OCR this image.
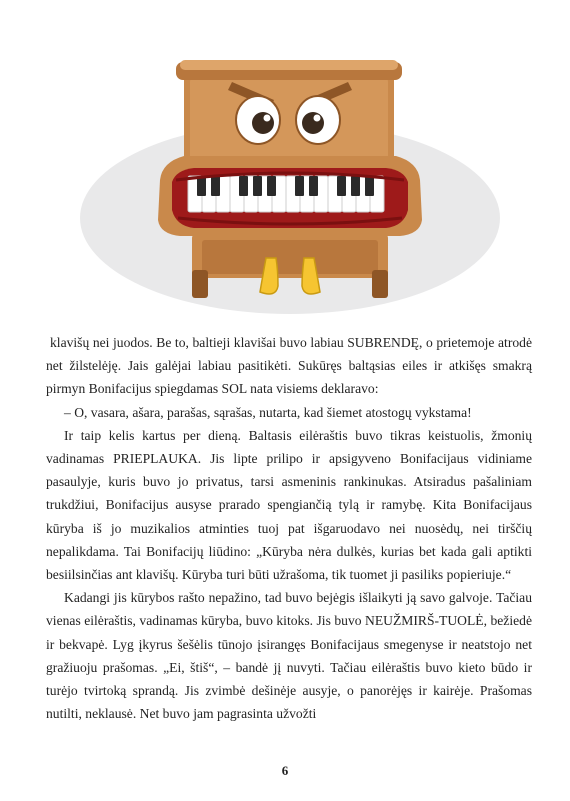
klavišų nei juodos. Be to, baltieji klavišai buvo labiau SUBRENDĘ, o prietemoje atrodė net žilstelėję. Jais galėjai labiau pasitikėti. Sukūręs baltąsias eiles ir atkišęs smakrą pirmyn Bonifacijus spiegdamas SOL nata visiems deklaravo:

– O, vasara, ašara, parašas, sąrašas, nutarta, kad šiemet atostogų vykstama!

Ir taip kelis kartus per dieną. Baltasis eilėraštis buvo tikras keistuolis, žmonių vadinamas PRIEPLAUKA. Jis lipte prilipo ir apsigyveno Bonifacijaus vidiniame pasaulyje, kuris buvo jo privatus, tarsi asmeninis rankinukas. Atsiradus pašaliniam trukdžiui, Bonifacijus ausyse prarado spengiančią tylą ir ramybę. Kita Bonifacijaus kūryba iš jo muzikalios atminties tuoj pat išgaruodavo nei nuosėdų, nei tirščių nepalikdama. Tai Bonifacijų liūdino: „Kūryba nėra dulkės, kurias bet kada gali aptikti besiilsinčias ant klavišų. Kūryba turi būti užrašoma, tik tuomet ji pasiliks popieriuje.“

Kadangi jis kūrybos rašto nepažino, tad buvo bejėgis išlaikyti ją savo galvoje. Tačiau vienas eilėraštis, vadinamas kūryba, buvo kitoks. Jis buvo NEUŽMIRŠ-TUOLĖ, bežiedė ir bekvapė. Lyg įkyrus šešėlis tūnojo įsirangęs Bonifacijaus smegenyse ir neatstojo net gražiuoju prašomas. „Ei, štiš“, – bandė jį nuvyti. Tačiau eilėraštis buvo kieto būdo ir turėjo tvirtoką sprandą. Jis zvimbė dešinėje ausyje, o panorėjęs ir kairėje. Prašomas nutilti, neklausė. Net buvo jam pagrasinta užvožti

6
